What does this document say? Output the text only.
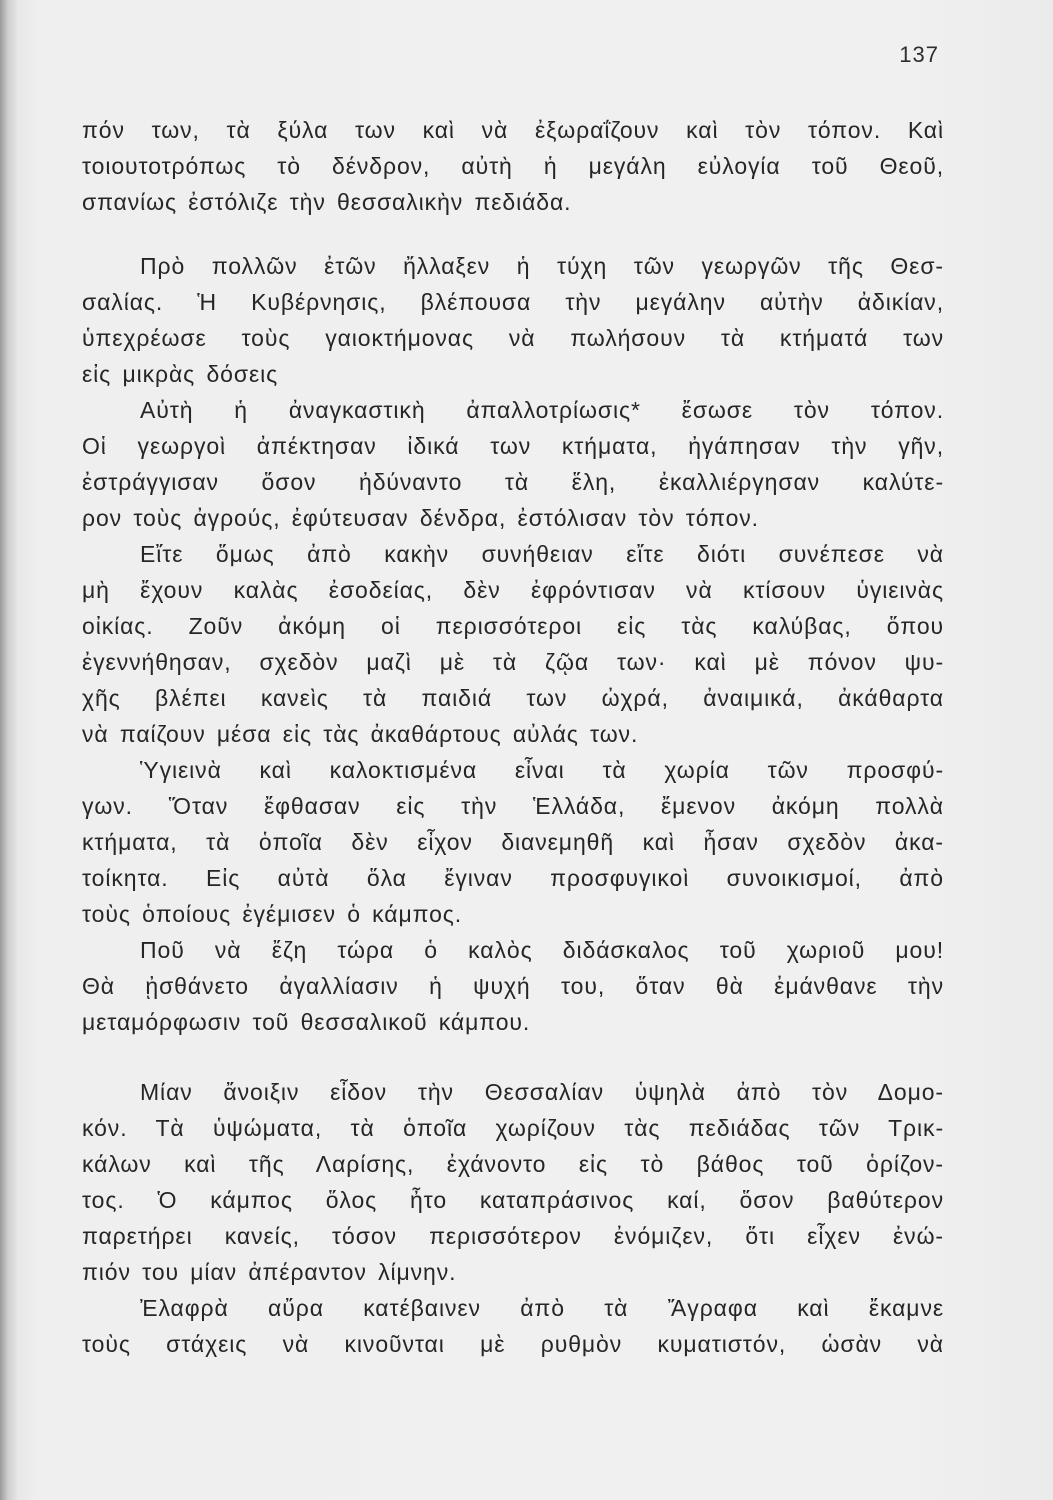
137
πόν των, τὰ ξύλα των καὶ νὰ ἐξωραΐζουν καὶ τὸν τόπον. Καὶ
τοιουτοτρόπως τὸ δένδρον, αὐτὴ ἡ μεγάλη εὐλογία τοῦ Θεοῦ,
σπανίως ἐστόλιζε τὴν θεσσαλικὴν πεδιάδα.
Πρὸ πολλῶν ἐτῶν ἤλλαξεν ἡ τύχη τῶν γεωργῶν τῆς Θεσ-
σαλίας. Ἡ Κυβέρνησις, βλέπουσα τὴν μεγάλην αὐτὴν ἀδικίαν,
ὑπεχρέωσε τοὺς γαιοκτήμονας νὰ πωλήσουν τὰ κτήματά των
εἰς μικρὰς δόσεις
Αὐτὴ ἡ ἀναγκαστικὴ ἀπαλλοτρίωσις* ἔσωσε τὸν τόπον.
Οἱ γεωργοὶ ἀπέκτησαν ἰδικά των κτήματα, ἠγάπησαν τὴν γῆν,
ἐστράγγισαν ὅσον ἠδύναντο τὰ ἕλη, ἐκαλλιέργησαν καλύτε-
ρον τοὺς ἀγρούς, ἐφύτευσαν δένδρα, ἐστόλισαν τὸν τόπον.
Εἴτε ὅμως ἀπὸ κακὴν συνήθειαν εἴτε διότι συνέπεσε νὰ
μὴ ἔχουν καλὰς ἐσοδείας, δὲν ἐφρόντισαν νὰ κτίσουν ὑγιεινὰς
οἰκίας. Ζοῦν ἀκόμη οἱ περισσότεροι εἰς τὰς καλύβας, ὅπου
ἐγεννήθησαν, σχεδὸν μαζὶ μὲ τὰ ζῷα των· καὶ μὲ πόνον ψυ-
χῆς βλέπει κανεὶς τὰ παιδιά των ὠχρά, ἀναιμικά, ἀκάθαρτα
νὰ παίζουν μέσα εἰς τὰς ἀκαθάρτους αὐλάς των.
Ὑγιεινὰ καὶ καλοκτισμένα εἶναι τὰ χωρία τῶν προσφύ-
γων. Ὅταν ἔφθασαν εἰς τὴν Ἑλλάδα, ἔμενον ἀκόμη πολλὰ
κτήματα, τὰ ὁποῖα δὲν εἶχον διανεμηθῆ καὶ ἦσαν σχεδὸν ἀκα-
τοίκητα. Εἰς αὐτὰ ὅλα ἔγιναν προσφυγικοὶ συνοικισμοί, ἀπὸ
τοὺς ὁποίους ἐγέμισεν ὁ κάμπος.
Ποῦ νὰ ἔζη τώρα ὁ καλὸς διδάσκαλος τοῦ χωριοῦ μου!
Θὰ ᾐσθάνετο ἀγαλλίασιν ἡ ψυχή του, ὅταν θὰ ἐμάνθανε τὴν
μεταμόρφωσιν τοῦ θεσσαλικοῦ κάμπου.
Μίαν ἄνοιξιν εἶδον τὴν Θεσσαλίαν ὑψηλὰ ἀπὸ τὸν Δομο-
κόν. Τὰ ὑψώματα, τὰ ὁποῖα χωρίζουν τὰς πεδιάδας τῶν Τρικ-
κάλων καὶ τῆς Λαρίσης, ἐχάνοντο εἰς τὸ βάθος τοῦ ὁρίζον-
τος. Ὁ κάμπος ὅλος ἦτο καταπράσινος καί, ὅσον βαθύτερον
παρετήρει κανείς, τόσον περισσότερον ἐνόμιζεν, ὅτι εἶχεν ἐνώ-
πιόν του μίαν ἀπέραντον λίμνην.
Ἐλαφρὰ αὔρα κατέβαινεν ἀπὸ τὰ Ἄγραφα καὶ ἔκαμνε
τοὺς στάχεις νὰ κινοῦνται μὲ ρυθμὸν κυματιστόν, ὡσὰν νὰ
